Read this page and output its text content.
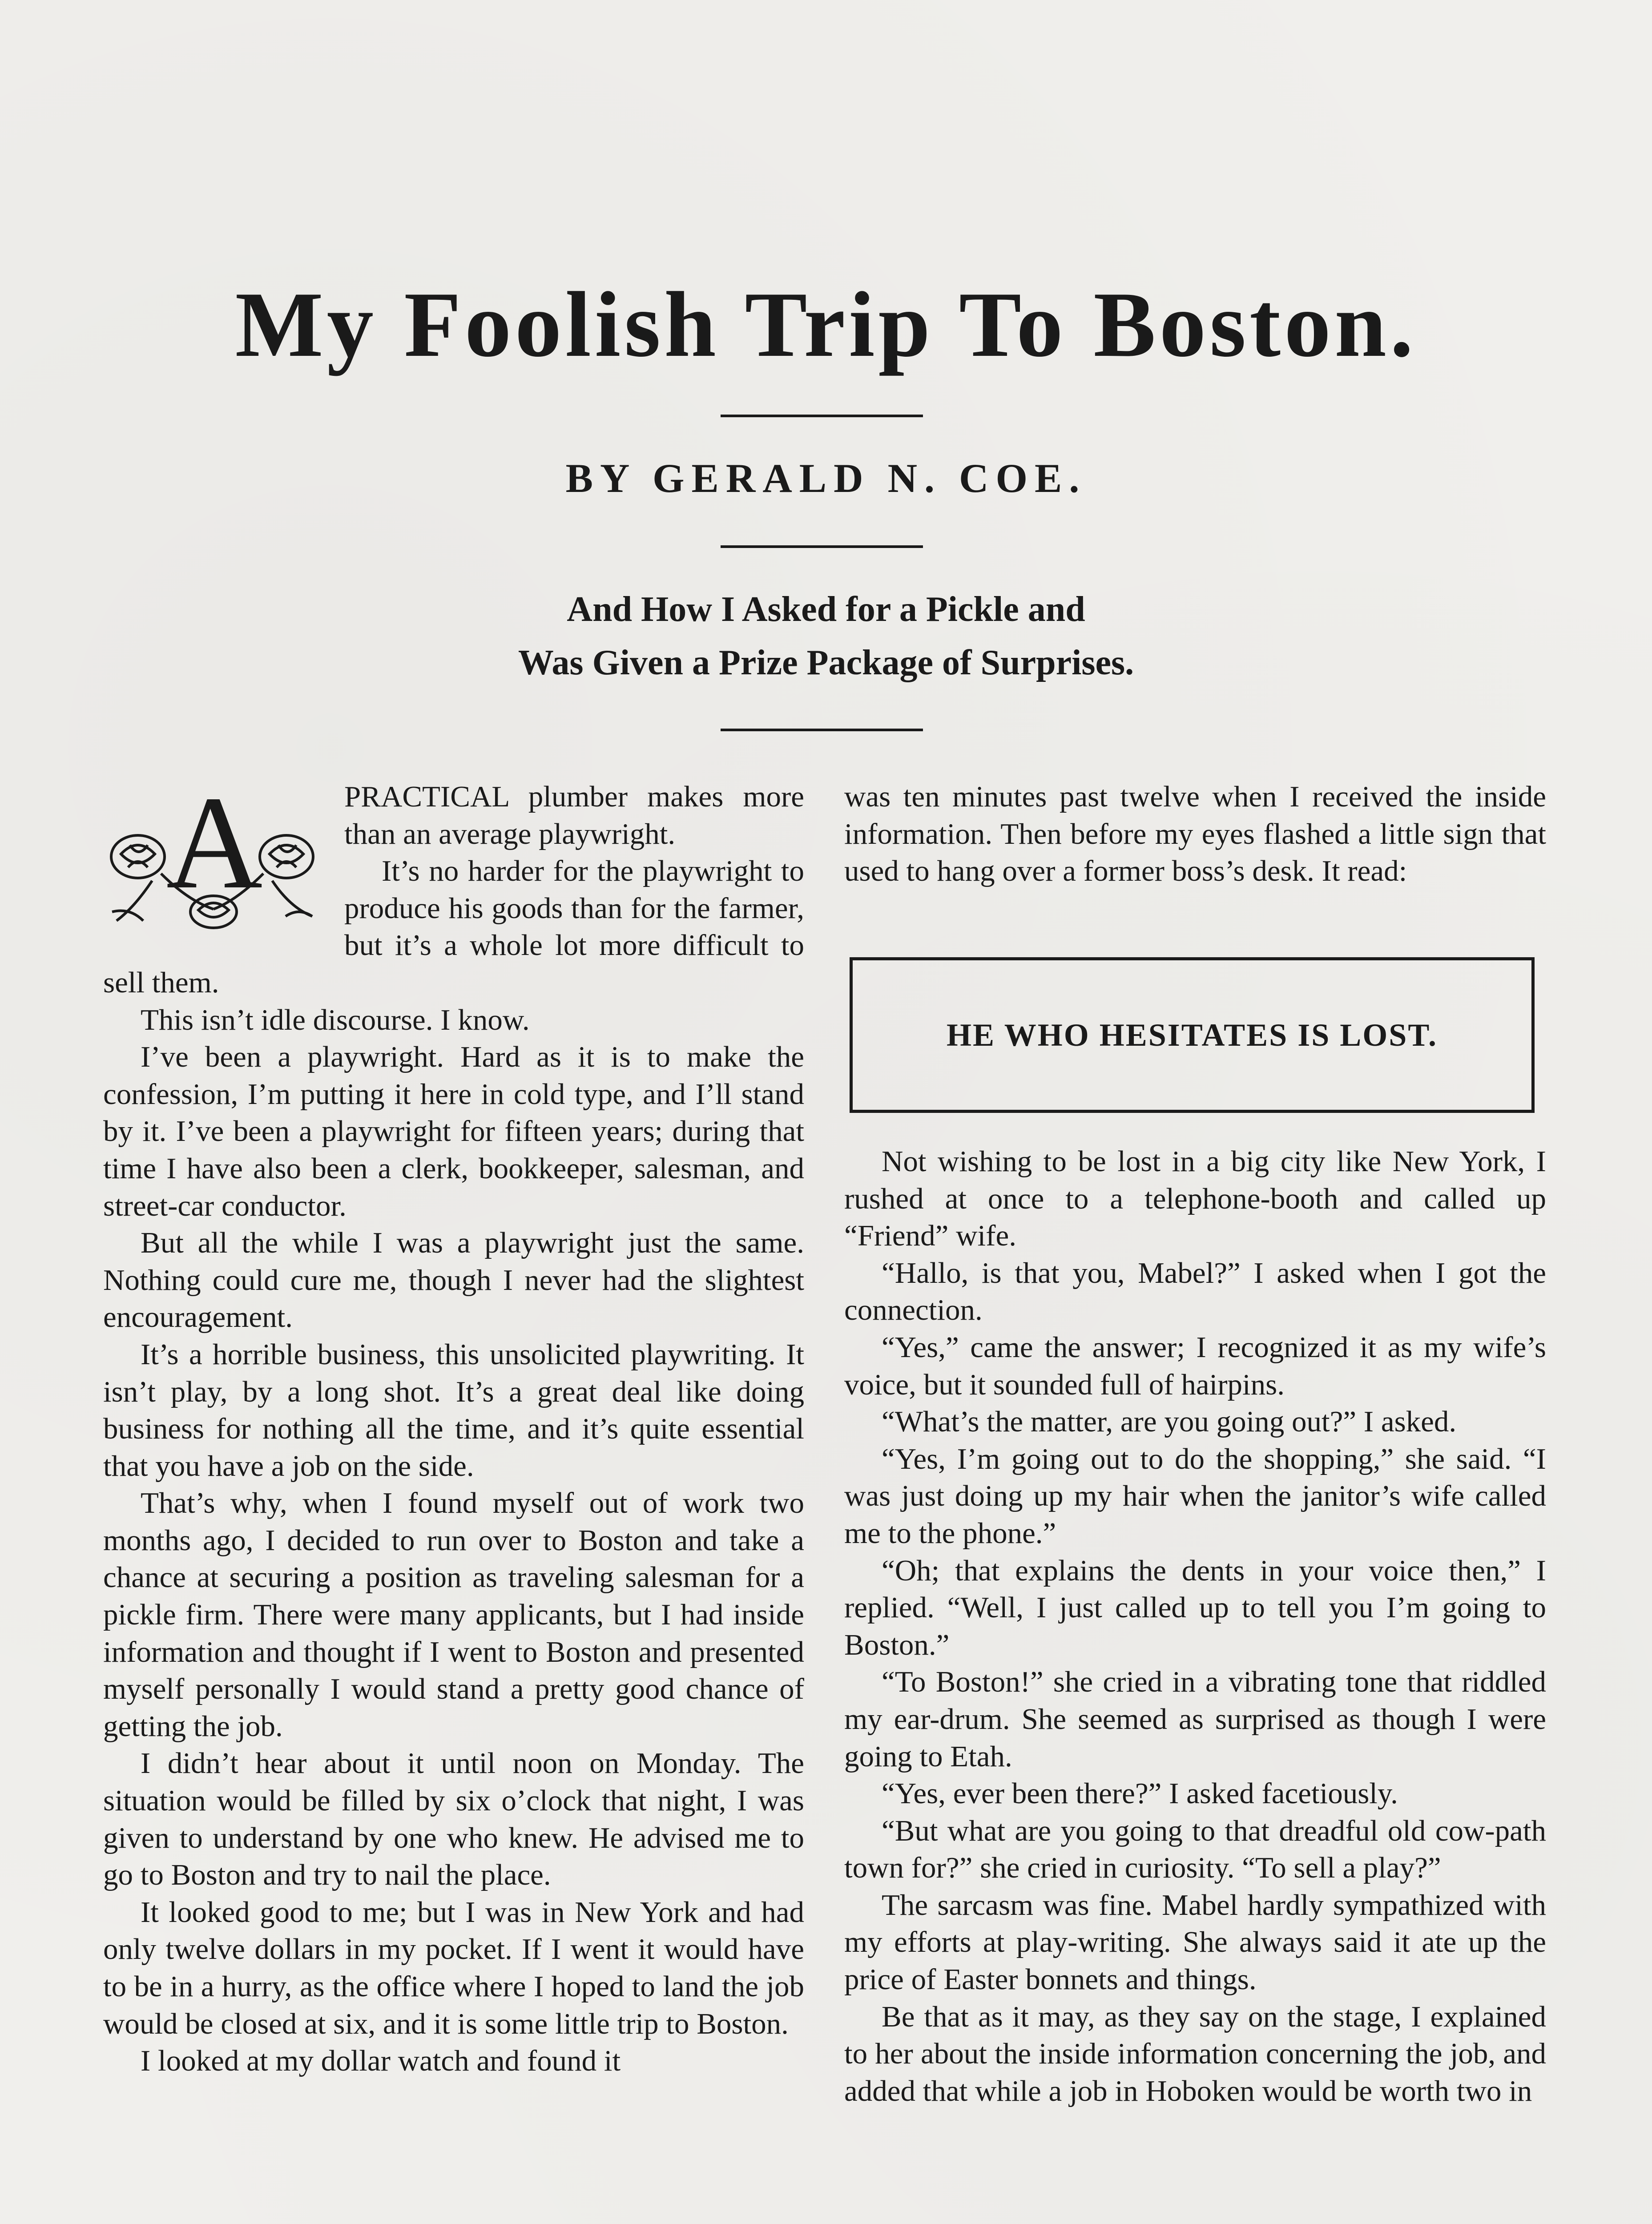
My Foolish Trip To Boston.
BY GERALD N. COE.
And How I Asked for a Pickle and
Was Given a Prize Package of Surprises.
A	PRACTICAL plumber makes more than an average playwright.

It’s no harder for the playwright to produce his goods than for the farmer, but it’s a whole lot more difficult to sell them.

This isn’t idle discourse. I know.

I’ve been a playwright. Hard as it is to make the confession, I’m putting it here in cold type, and I’ll stand by it. I’ve been a playwright for fifteen years; during that time I have also been a clerk, bookkeeper, salesman, and street-car conductor.

But all the while I was a playwright just the same. Nothing could cure me, though I never had the slightest encouragement.

It’s a horrible business, this unsolicited playwriting. It isn’t play, by a long shot. It’s a great deal like doing business for nothing all the time, and it’s quite essential that you have a job on the side.

That’s why, when I found myself out of work two months ago, I decided to run over to Boston and take a chance at securing a position as traveling salesman for a pickle firm. There were many applicants, but I had inside information and thought if I went to Boston and presented myself personally I would stand a pretty good chance of getting the job.

I didn’t hear about it until noon on Monday. The situation would be filled by six o’clock that night, I was given to understand by one who knew. He advised me to go to Boston and try to nail the place.

It looked good to me; but I was in New York and had only twelve dollars in my pocket. If I went it would have to be in a hurry, as the office where I hoped to land the job would be closed at six, and it is some little trip to Boston.

I looked at my dollar watch and found it

was ten minutes past twelve when I received the inside information. Then before my eyes flashed a little sign that used to hang over a former boss’s desk. It read:

HE WHO HESITATES IS LOST.

Not wishing to be lost in a big city like New York, I rushed at once to a telephone-booth and called up “Friend” wife.

“Hallo, is that you, Mabel?” I asked when I got the connection.

“Yes,” came the answer; I recognized it as my wife’s voice, but it sounded full of hairpins.

“What’s the matter, are you going out?” I asked.

“Yes, I’m going out to do the shopping,” she said. “I was just doing up my hair when the janitor’s wife called me to the phone.”

“Oh; that explains the dents in your voice then,” I replied. “Well, I just called up to tell you I’m going to Boston.”

“To Boston!” she cried in a vibrating tone that riddled my ear-drum. She seemed as surprised as though I were going to Etah.

“Yes, ever been there?” I asked facetiously.

“But what are you going to that dreadful old cow-path town for?” she cried in curiosity. “To sell a play?”

The sarcasm was fine. Mabel hardly sympathized with my efforts at play-writing. She always said it ate up the price of Easter bonnets and things.

Be that as it may, as they say on the stage, I explained to her about the inside information concerning the job, and added that while a job in Hoboken would be worth two in
